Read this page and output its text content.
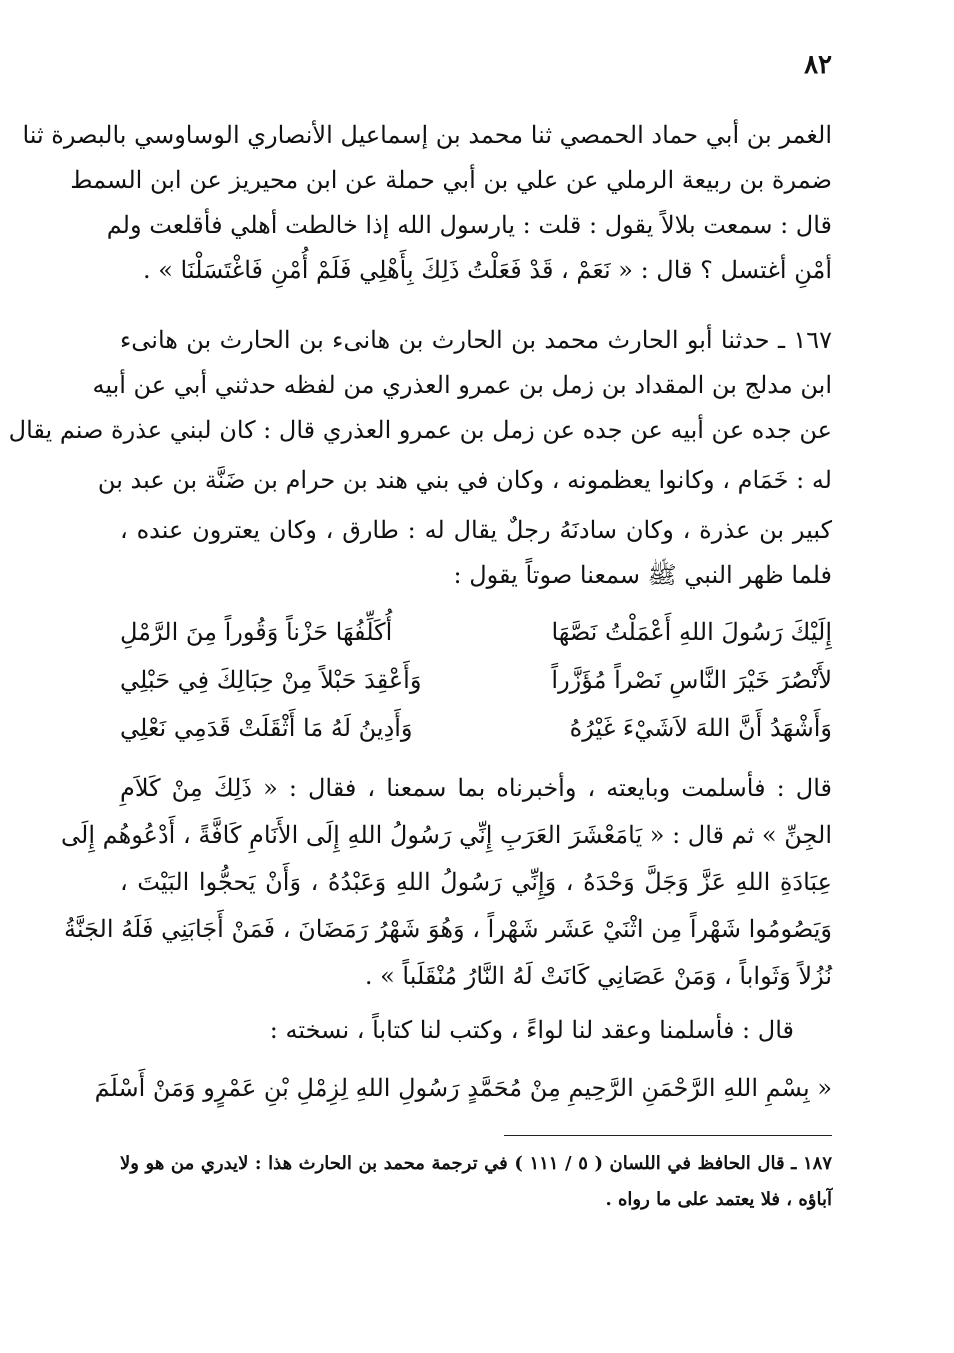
٨٢
الغمر بن أبي حماد الحمصي ثنا محمد بن إسماعيل الأنصاري الوساوسي بالبصرة ثنا
ضمرة بن ربيعة الرملي عن علي بن أبي حملة عن ابن محيريز عن ابن السمط
قال : سمعت بلالاً يقول : قلت : يارسول الله إذا خالطت أهلي فأقلعت ولم
أمْنِ أغتسل ؟ قال : « نَعَمْ ، قَدْ فَعَلْتُ ذَلِكَ بِأَهْلِي فَلَمْ أُمْنِ فَاغْتَسَلْنَا » .
١٦٧ ـ حدثنا أبو الحارث محمد بن الحارث بن هانىء بن الحارث بن هانىء
ابن مدلج بن المقداد بن زمل بن عمرو العذري من لفظه حدثني أبي عن أبيه
عن جده عن أبيه عن جده عن زمل بن عمرو العذري قال : كان لبني عذرة صنم يقال
له : خَمَام ، وكانوا يعظمونه ، وكان في بني هند بن حرام بن ضَنَّة بن عبد بن
كبير بن عذرة ، وكان سادنَهُ رجلٌ يقال له : طارق ، وكان يعترون عنده ،
فلما ظهر النبي ﷺ سمعنا صوتاً يقول :
إِلَيْكَ رَسُولَ اللهِ أَعْمَلْتُ نَصَّهَا
أُكَلِّفُهَا حَزْناً وَقُوراً مِنَ الرَّمْلِ
لأَنْصُرَ خَيْرَ النَّاسِ نَصْراً مُؤَزَّراً
وَأَعْقِدَ حَبْلاً مِنْ حِبَالِكَ فِي حَبْلِي
وَأَشْهَدُ أَنَّ اللهَ لاَشَيْءَ غَيْرُهُ
وَأَدِينُ لَهُ مَا أَثْقَلَتْ قَدَمِي نَعْلِي
قال : فأسلمت وبايعته ، وأخبرناه بما سمعنا ، فقال : « ذَلِكَ مِنْ كَلاَمِ
الجِنِّ » ثم قال : « يَامَعْشَرَ العَرَبِ إِنِّي رَسُولُ اللهِ إِلَى الأَنَامِ كَافَّةً ، أَدْعُوهُم إِلَى
عِبَادَةِ اللهِ عَزَّ وَجَلَّ وَحْدَهُ ، وَإِنِّي رَسُولُ اللهِ وَعَبْدُهُ ، وَأَنْ يَحجُّوا البَيْتَ ،
وَيَصُومُوا شَهْراً مِن اثْنَيْ عَشَر شَهْراً ، وَهُوَ شَهْرُ رَمَضَانَ ، فَمَنْ أَجَابَنِي فَلَهُ الجَنَّةُ
نُزُلاً وَثَواباً ، وَمَنْ عَصَانِي كَانَتْ لَهُ النَّارُ مُنْقَلَباً » .
قال : فأسلمنا وعقد لنا لواءً ، وكتب لنا كتاباً ، نسخته :
« بِسْمِ اللهِ الرَّحْمَنِ الرَّحِيمِ مِنْ مُحَمَّدٍ رَسُولِ اللهِ لِزِمْلِ بْنِ عَمْرٍو وَمَنْ أَسْلَمَ
١٨٧ ـ قال الحافظ في اللسان ( ٥ / ١١١ ) في ترجمة محمد بن الحارث هذا : لايدري من هو ولا
آباؤه ، فلا يعتمد على ما رواه .
